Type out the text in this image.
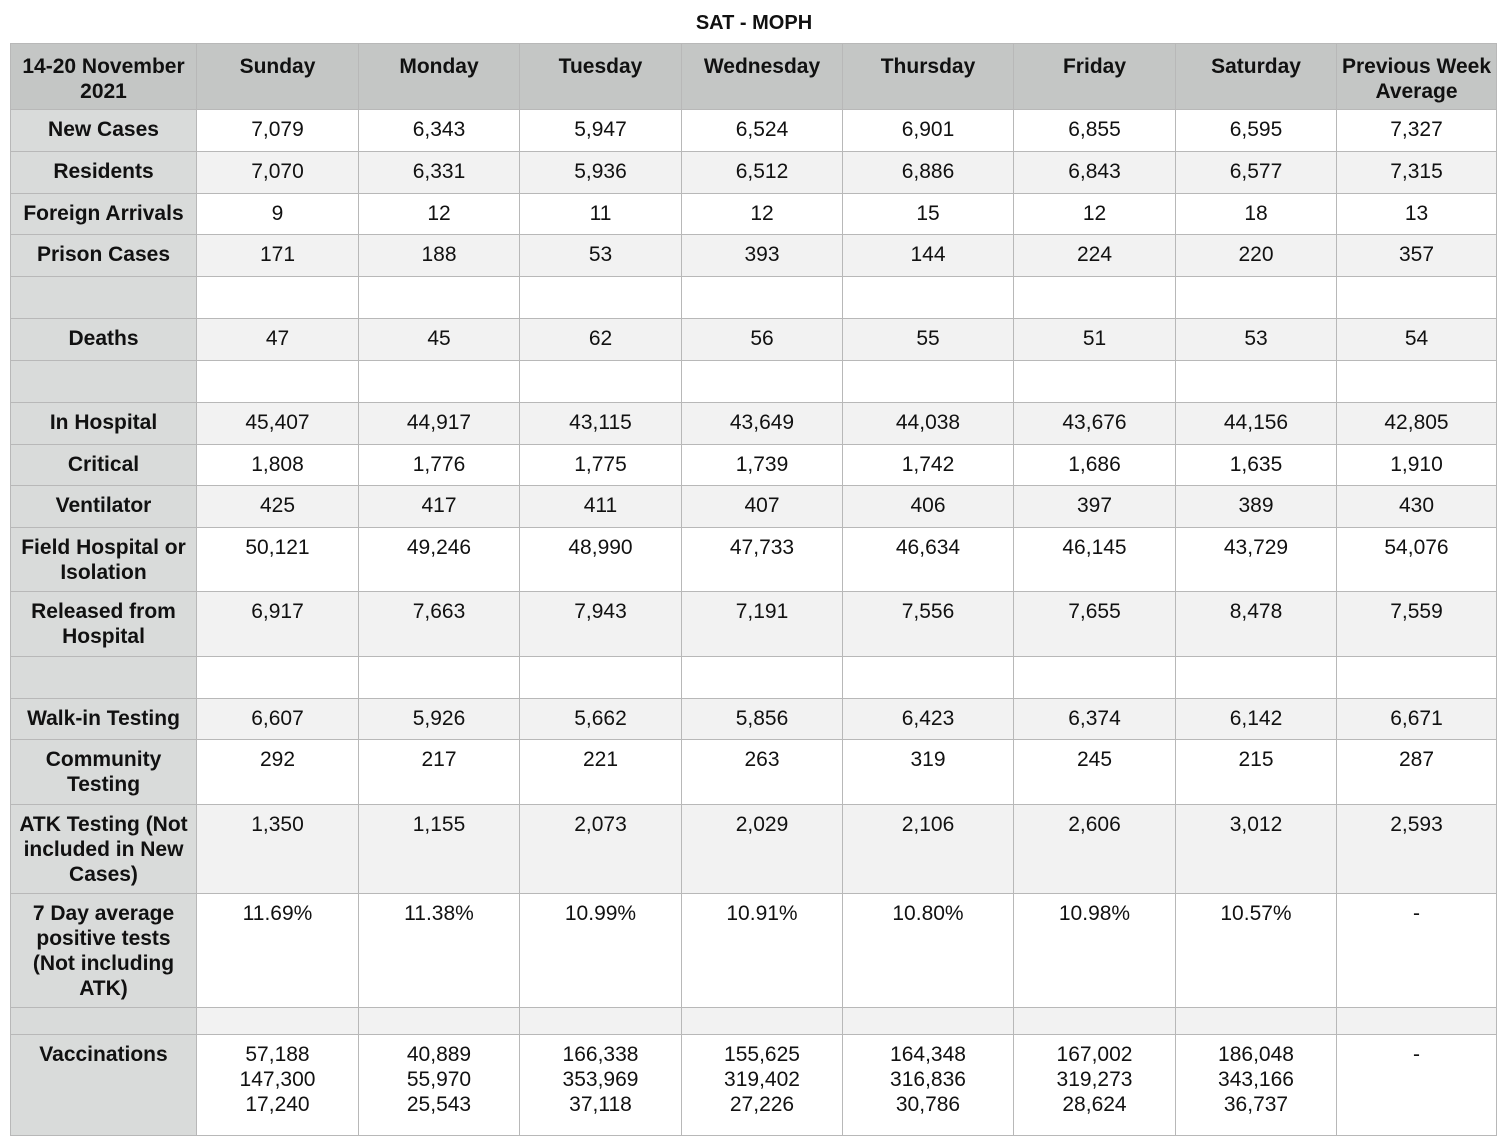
SAT - MOPH
14-20 November 2021	Sunday	Monday	Tuesday	Wednesday	Thursday	Friday	Saturday	Previous Week Average
New Cases	7,079	6,343	5,947	6,524	6,901	6,855	6,595	7,327
Residents	7,070	6,331	5,936	6,512	6,886	6,843	6,577	7,315
Foreign Arrivals	9	12	11	12	15	12	18	13
Prison Cases	171	188	53	393	144	224	220	357

Deaths	47	45	62	56	55	51	53	54

In Hospital	45,407	44,917	43,115	43,649	44,038	43,676	44,156	42,805
Critical	1,808	1,776	1,775	1,739	1,742	1,686	1,635	1,910
Ventilator	425	417	411	407	406	397	389	430
Field Hospital or Isolation	50,121	49,246	48,990	47,733	46,634	46,145	43,729	54,076
Released from Hospital	6,917	7,663	7,943	7,191	7,556	7,655	8,478	7,559

Walk-in Testing	6,607	5,926	5,662	5,856	6,423	6,374	6,142	6,671
Community Testing	292	217	221	263	319	245	215	287
ATK Testing (Not included in New Cases)	1,350	1,155	2,073	2,029	2,106	2,606	3,012	2,593
7 Day average positive tests (Not including ATK)	11.69%	11.38%	10.99%	10.91%	10.80%	10.98%	10.57%	-

Vaccinations	57,188
147,300
17,240	40,889
55,970
25,543	166,338
353,969
37,118	155,625
319,402
27,226	164,348
316,836
30,786	167,002
319,273
28,624	186,048
343,166
36,737	-
